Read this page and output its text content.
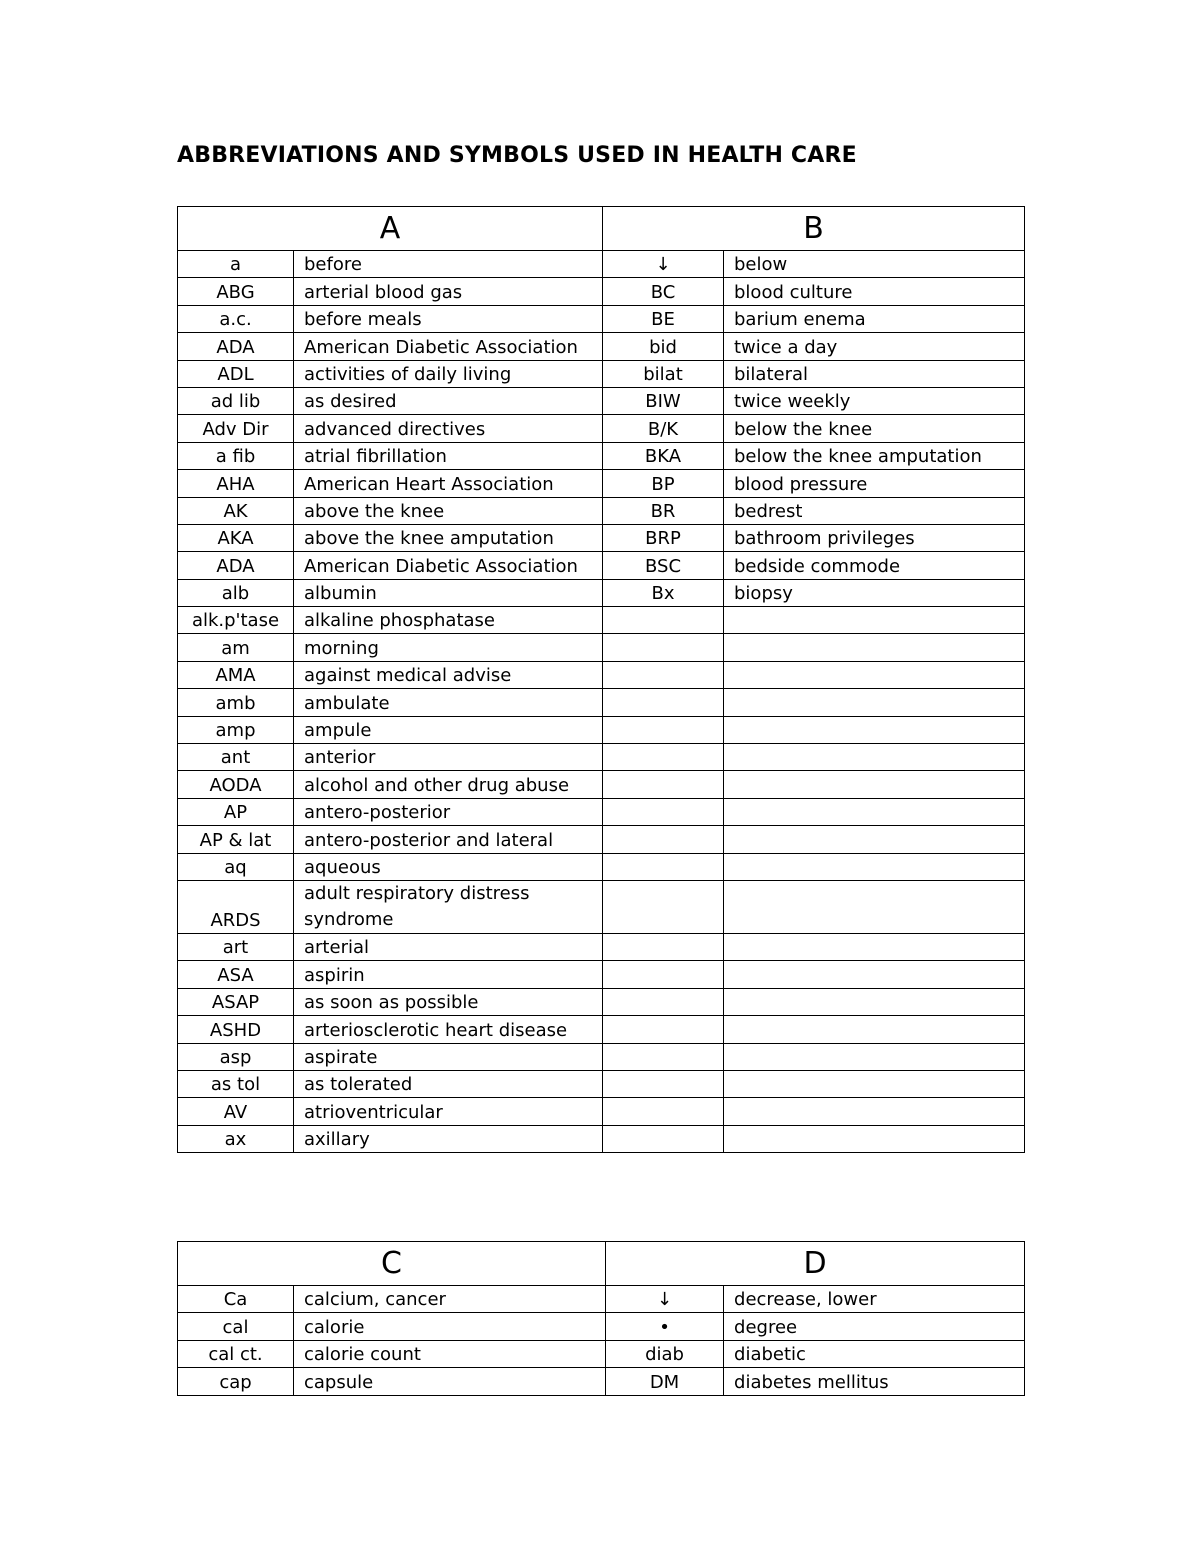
ABBREVIATIONS AND SYMBOLS USED IN HEALTH CARE
A		B	
a	before	↓	below
ABG	arterial blood gas	BC	blood culture
a.c.	before meals	BE	barium enema
ADA	American Diabetic Association	bid	twice a day
ADL	activities of daily living	bilat	bilateral
ad lib	as desired	BIW	twice weekly
Adv Dir	advanced directives	B/K	below the knee
a fib	atrial fibrillation	BKA	below the knee amputation
AHA	American Heart Association	BP	blood pressure
AK	above the knee	BR	bedrest
AKA	above the knee amputation	BRP	bathroom privileges
ADA	American Diabetic Association	BSC	bedside commode
alb	albumin	Bx	biopsy
alk.p'tase	alkaline phosphatase		
am	morning		
AMA	against medical advise		
amb	ambulate		
amp	ampule		
ant	anterior		
AODA	alcohol and other drug abuse		
AP	antero-posterior		
AP & lat	antero-posterior and lateral		
aq	aqueous		
ARDS	adult respiratory distress syndrome		
art	arterial		
ASA	aspirin		
ASAP	as soon as possible		
ASHD	arteriosclerotic heart disease		
asp	aspirate		
as tol	as tolerated		
AV	atrioventricular		
ax	axillary		
C		D	
Ca	calcium, cancer	↓	decrease, lower
cal	calorie	•	degree
cal ct.	calorie count	diab	diabetic
cap	capsule	DM	diabetes mellitus
